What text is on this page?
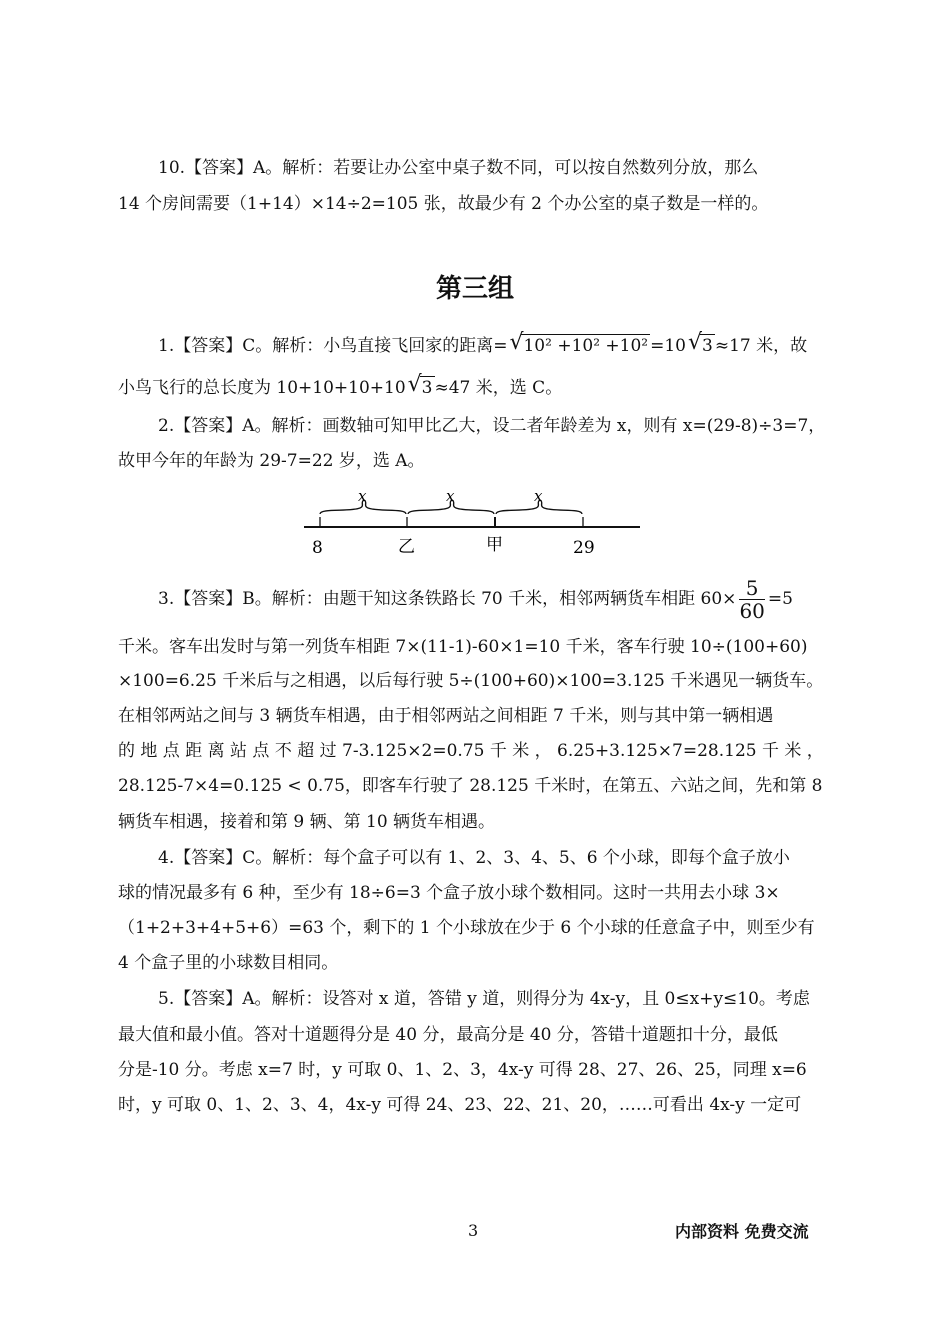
10.【答案】A。解析：若要让办公室中桌子数不同，可以按自然数列分放，那么
14 个房间需要（1+14）×14÷2=105 张，故最少有 2 个办公室的桌子数是一样的。
第三组
1.【答案】C。解析：小鸟直接飞回家的距离= √ 10² +10² +10² =10 √ 3 ≈17 米，故
小鸟飞行的总长度为 10+10+10+10 √ 3 ≈47 米，选 C。
2.【答案】A。解析：画数轴可知甲比乙大，设二者年龄差为 x，则有 x=(29-8)÷3=7，
故甲今年的年龄为 29-7=22 岁，选 A。
x	x	x
8	乙	甲	29
3.【答案】B。解析：由题干知这条铁路长 70 千米，相邻两辆货车相距 $60\times \frac{5}{60} =5$
千米。客车出发时与第一列货车相距 7×(11-1)-60×1=10 千米，客车行驶 10÷(100+60)
×100=6.25 千米后与之相遇，以后每行驶 5÷(100+60)×100=3.125 千米遇见一辆货车。
在相邻两站之间与 3 辆货车相遇，由于相邻两站之间相距 7 千米，则与其中第一辆相遇
的 地 点 距 离 站 点 不 超 过 7-3.125×2=0.75 千 米 ， 6.25+3.125×7=28.125 千 米 ，
28.125-7×4=0.125 < 0.75，即客车行驶了 28.125 千米时，在第五、六站之间，先和第 8
辆货车相遇，接着和第 9 辆、第 10 辆货车相遇。
4.【答案】C。解析：每个盒子可以有 1、2、3、4、5、6 个小球，即每个盒子放小
球的情况最多有 6 种，至少有 18÷6=3 个盒子放小球个数相同。这时一共用去小球 3×
（1+2+3+4+5+6）=63 个，剩下的 1 个小球放在少于 6 个小球的任意盒子中，则至少有
4 个盒子里的小球数目相同。
5.【答案】A。解析：设答对 x 道，答错 y 道，则得分为 4x-y，且 0≤x+y≤10。考虑
最大值和最小值。答对十道题得分是 40 分，最高分是 40 分，答错十道题扣十分，最低
分是-10 分。考虑 x=7 时，y 可取 0、1、2、3，4x-y 可得 28、27、26、25，同理 x=6
时，y 可取 0、1、2、3、4，4x-y 可得 24、23、22、21、20，……可看出 4x-y 一定可
3	内部资料 免费交流
